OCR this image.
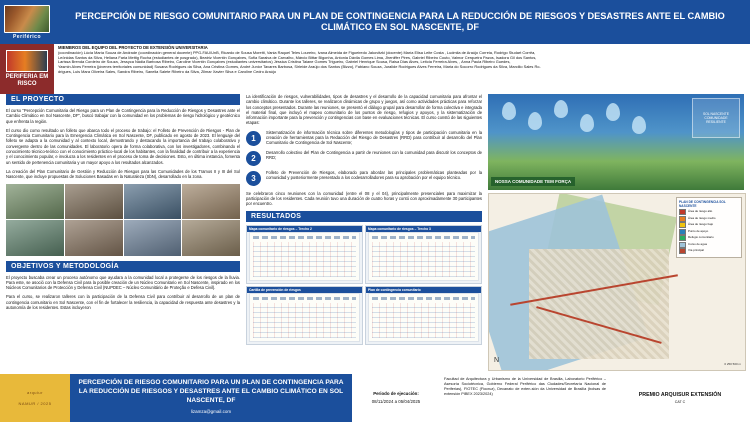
Periférico
PERCEPCIÓN DE RIESGO COMUNITARIO PARA UN PLAN DE CONTINGENCIA PARA LA REDUCCIÓN DE RIESGOS Y DESASTRES ANTE EL CAMBIO CLIMÁTICO EN SOL NASCENTE, DF
PERIFERIA EM RISCO
MIEMBROS DEL EQUIPO DEL PROYECTO DE EXTENSIÓN UNIVERSITARIA
(coordinación) Lúcia María Souza de Andrade (coordinación general docente) PPG-FAU/UnB, Ricardo de Sousa Moretti, Vania Raquel Teles Loureiro, Ivana Almeida de Figueiredo Jakovitzki (docente) María Elisa Leite Costa , Ludmila de Araújo Correia, Rodrigo Studart Corrêa,
Leônidas Santos da Silva, Heliana Faria Mettig Rocha (estudiantes de posgrado), Beatriz Vicentin Gonçalves, Sofia Saraiva de Carvalho, Márcio Bittar Bigonha, Antonia Dávila Gomes Lima, Jheniffer Pires, Gabriel Ribeiro Couto, Valmor Cerqueira Pazos, Isadora Gil dos Santos,
Larissa Brenda Cordeiro de Souza, Jessyca Nádia Barbosa Ribeiro, Caroline Vicentin Gonçalves (estudiantes universitarios) Jéssica Cristina Taiane Gomes Trigueiro, Gabriel Henrique Sousa, Raisa Dias Alves, Letícia Ferreira Alves, , Anna Paula Ribeiro Guedes,
Yasmin Alves Ferreira (jóvenes territoriales comunidad) Susana Rodrigues da Silva, Ana Cristina Gomes, André Junior Tavares Barbosa, Sirleide Araújo dos Santos (Bizzo), Fabiano Souza, Juralide Rodrigues Alves Ferreira, Maria do Socorro Rodrigues da Silva, Marcilio Sales Ro-
drigues, Luis Mara Oliveira Sales, Sandra Ribeiro, Sanelia Salete Ribeiro da Silva, Zilmar Xavier Silva e Caroline Cedro Araújo
EL PROYECTO
El curso "Percepción Comunitaria del Riesgo para un Plan de Contingencia para la Reducción de Riesgos y Desastres ante el Cambio Climático en Sol Nascente, DF", buscó trabajar con la comunidad en los problemas de riesgo hidrológico y geotécnico que enfrenta la región.
El curso dio como resultado un folleto que abarca todo el proceso de trabajo: el Folleto de Prevención de Riesgos - Plan de Contingencia Comunitario para la Emergencia Climática en Sol Nascente, DF, publicado en agosto de 2023. El lenguaje del folleto se adapta a la comunidad y al contexto local, demostrando y destacando la importancia del trabajo colaborativo y convergente dentro de las comunidades. El laboratorio opera de forma colaborativa, con los investigadores, combinando el conocimiento técnico-teórico con el conocimiento práctico-local de los habitantes, con la finalidad de contribuir a la experiencia y el conocimiento popular, e involucra a los residentes en el proceso de toma de decisiones. Esto, en última instancia, fomenta un sentido de pertenencia comunitaria y un mayor apoyo a los resultados alcanzados.
La creación del Plan Comunitario de Gestión y Reducción de Riesgos para las Comunidades de los Tramos II y III del Sol Nascente, que incluye propuestas de Soluciones Basadas en la Naturaleza (SbN), desarrollado en la zona.
OBJETIVOS Y METODOLOGÍA
El proyecto buscaba crear un proceso autónomo que ayudara a la comunidad local a protegerse de los riesgos de la lluvia. Para este, se asoció con la Defensa Civil para la posible creación de un Núcleo Comunitario en Sol Nascente, inspirado en los Núcleos Comunitarios de Protección y Defensa Civil (NUPDEC – Núcleo Comunitário de Proteção e Defesa Civil).
Para el curso, se realizaron talleres con la participación de la Defensa Civil para contribuir al desarrollo de un plan de contingencia comunitario en Sol Nascente, con el fin de fortalecer la resiliencia, la capacidad de respuesta ante desastres y la autonomía de los residentes. Estas incluyeron
La identificación de riesgos, vulnerabilidades, tipos de desastres y el desarrollo de la capacidad comunitaria para afrontar el cambio climático. Durante los talleres, se realizaron dinámicas de grupo y juegos, así como actividades prácticas para reforzar los conceptos presentados. Durante las reuniones, se presentó el diálogo grupal para desarrollar de forma colectiva e integrada el material final, que incluyó el mapeo comunitario de los puntos de riesgo, refugios y apoyos, y la sistematización de información importante para la prevención y contingencias con base en evaluaciones técnicas. El curso constó de las siguientes etapas:
1
Sistematización de información técnica sobre diferentes metodologías y tipos de participación comunitaria en la creación de herramientas para la Redacción del Riesgo de Desastres (RRD) para contribuir al desarrollo del Plan Comunitario de Contingencia de Sol Nascente;
2
Desarrollo colectivo del Plan de Contingencia a partir de reuniones con la comunidad para discutir los conceptos de RRD;
3
Folleto de Prevención de Riesgos, elaborado para abordar las principales problemáticas planteadas por la comunidad y posteriormente presentado a los codesarrolladores para su aprobación por el equipo técnico.
Se celebraron cinco reuniones con la comunidad (entre el 08 y el 04), principalmente presenciales para maximizar la participación de los residentes. Cada reunión tuvo una duración de cuatro horas y contó con aproximadamente 30 participantes por encuentro.
RESULTADOS
Mapa comunitario de riesgos – Trecho 2	Mapa comunitario de riesgos – Trecho 3
Cartilla de prevención de riesgos	Plan de contingencia comunitario
SOL NASCENTE COMUNIDADE RESILIENTE
NOSSA COMUNIDADE TEM FORÇA
PLAN DE CONTINGENCIA SOL NASCENTE
Área de riesgo alto
Área de riesgo medio
Área de riesgo bajo
Punto de apoyo
Refugio comunitario
Curso de agua
Vía principal
N	0 250 500 m
arquiur
NAMUR / 2025
PERCEPCIÓN DE RIESGO COMUNITARIO PARA UN PLAN DE CONTINGENCIA PARA LA REDUCCIÓN DE RIESGOS Y DESASTRES ANTE EL CAMBIO CLIMÁTICO EN SOL NASCENTE, DF
lizamza@gmail.com
Periodo de ejecución:
08/11/2024 a 05/04/2025
Facultad de Arquitectura y Urbanismo de la Universidad de Brasilia, Laboratorio Periférico – Asesoría Sociotécnica, Gobierno Federal Periférico das Ciudades/Secretaría Nacional de Periferias), FIOTEC (Fiocruz), Decanato de exten-sión da Universidad de Brasilia (bolsas de extensión PIBEX 2023/2024)	PREMIO ARQUISUR EXTENSIÓN
CAT C
